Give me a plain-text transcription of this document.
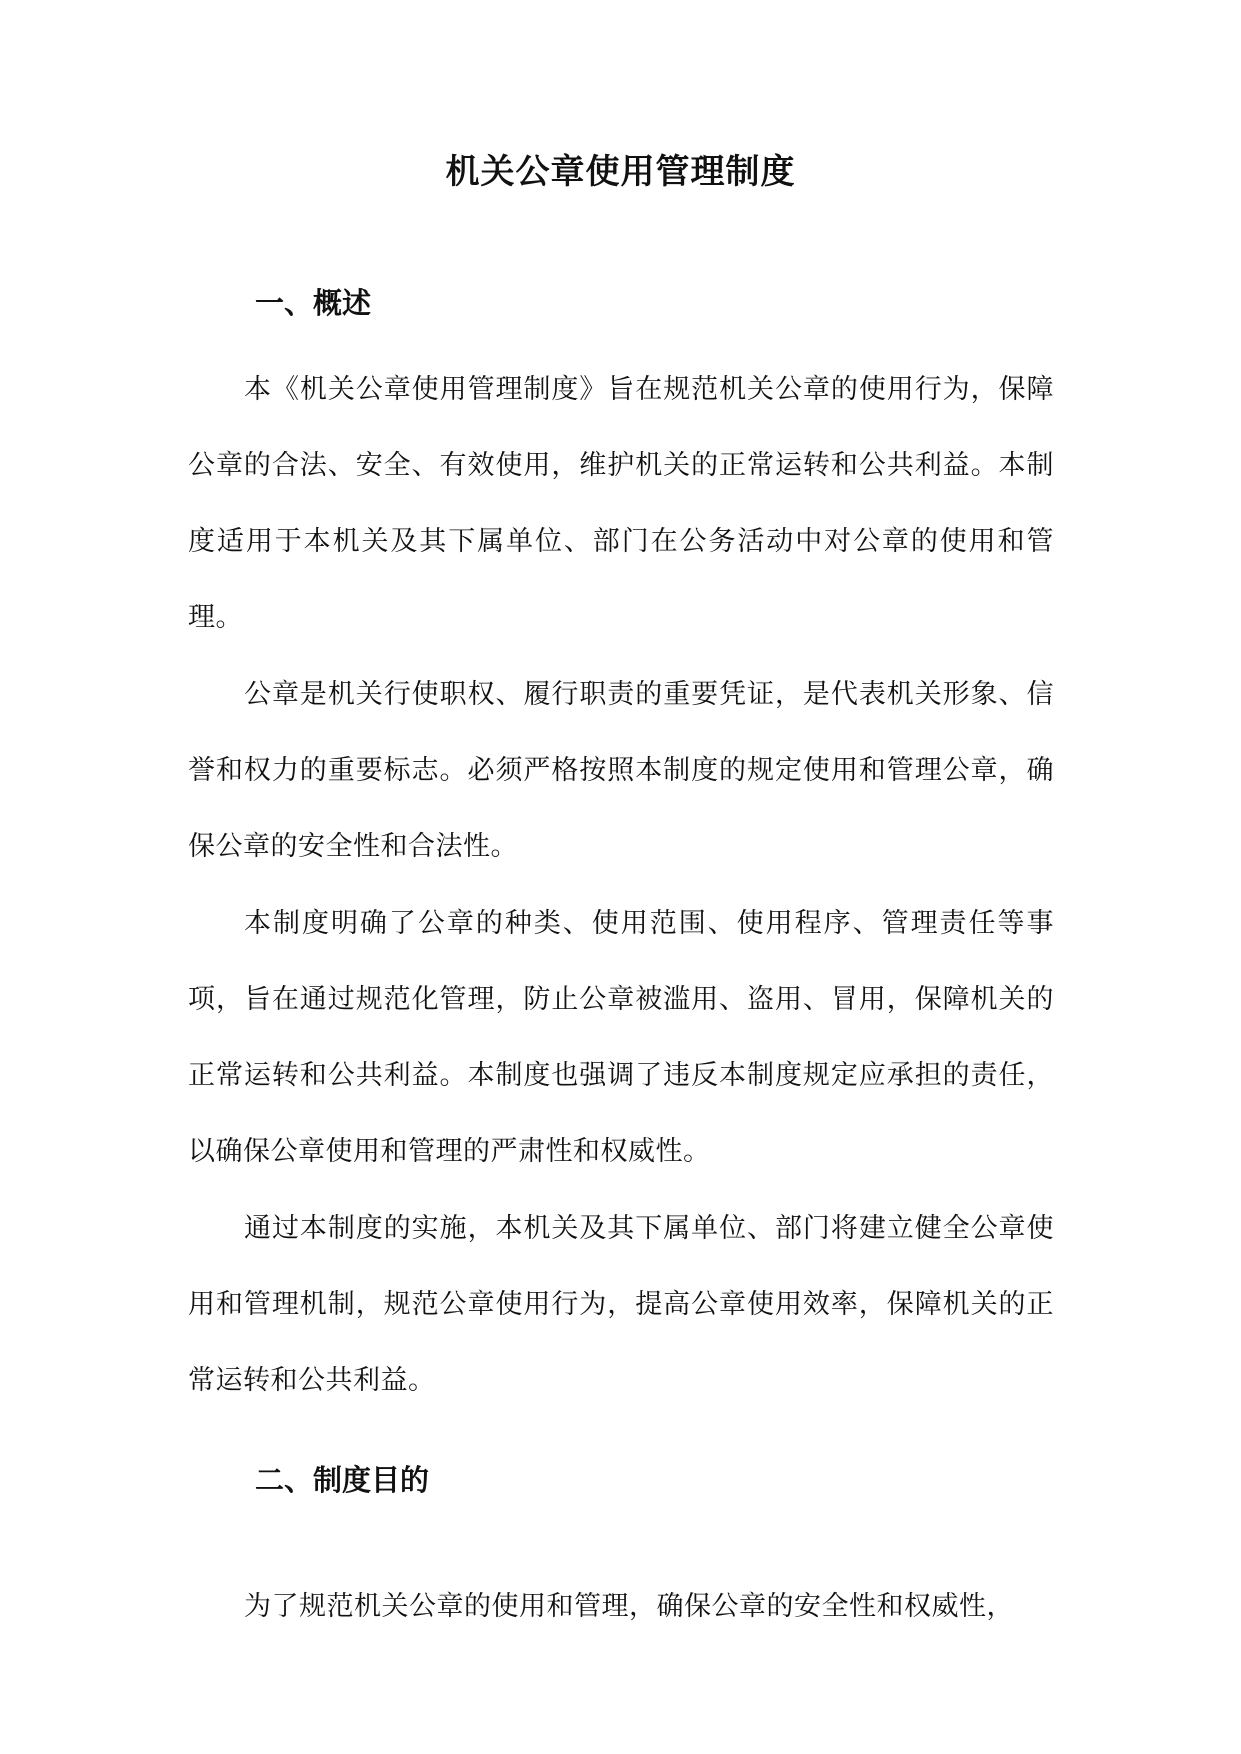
机关公章使用管理制度
一、概述

本《机关公章使用管理制度》旨在规范机关公章的使用行为，保障公章的合法、安全、有效使用，维护机关的正常运转和公共利益。本制度适用于本机关及其下属单位、部门在公务活动中对公章的使用和管理。

公章是机关行使职权、履行职责的重要凭证，是代表机关形象、信誉和权力的重要标志。必须严格按照本制度的规定使用和管理公章，确保公章的安全性和合法性。

本制度明确了公章的种类、使用范围、使用程序、管理责任等事项，旨在通过规范化管理，防止公章被滥用、盗用、冒用，保障机关的正常运转和公共利益。本制度也强调了违反本制度规定应承担的责任，以确保公章使用和管理的严肃性和权威性。

通过本制度的实施，本机关及其下属单位、部门将建立健全公章使用和管理机制，规范公章使用行为，提高公章使用效率，保障机关的正常运转和公共利益。

二、制度目的

为了规范机关公章的使用和管理，确保公章的安全性和权威性，
